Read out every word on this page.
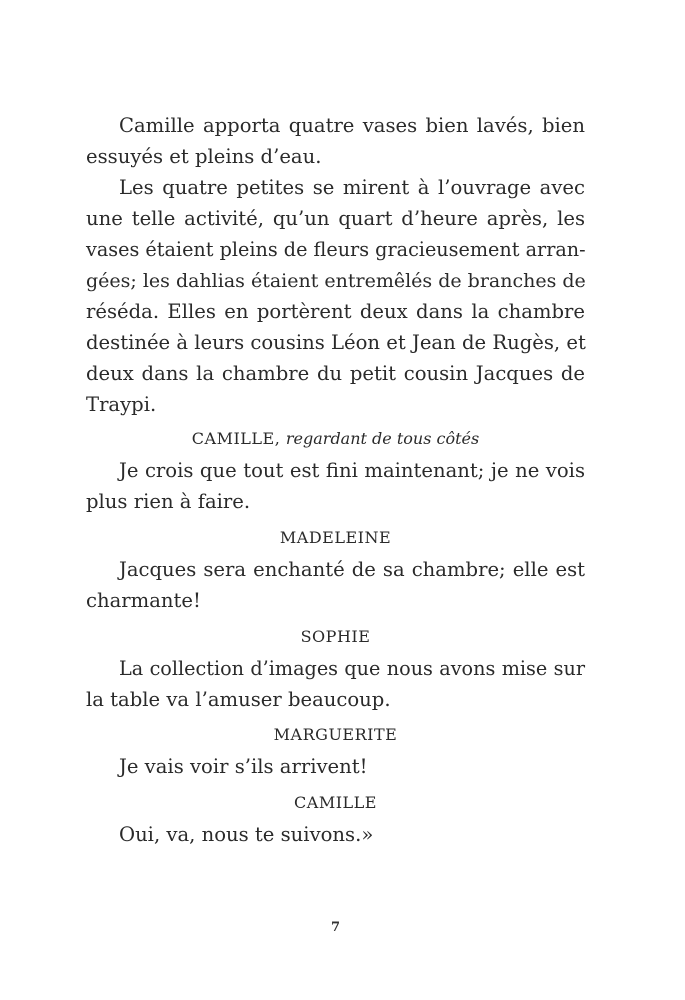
Camille apporta quatre vases bien lavés, bien
essuyés et pleins d’eau.
Les quatre petites se mirent à l’ouvrage avec
une telle activité, qu’un quart d’heure après, les
vases étaient pleins de fleurs gracieusement arran-
gées; les dahlias étaient entremêlés de branches de
réséda. Elles en portèrent deux dans la chambre
destinée à leurs cousins Léon et Jean de Rugès, et
deux dans la chambre du petit cousin Jacques de
Traypi.
CAMILLE, regardant de tous côtés
Je crois que tout est fini maintenant; je ne vois
plus rien à faire.
MADELEINE
Jacques sera enchanté de sa chambre; elle est
charmante!
SOPHIE
La collection d’images que nous avons mise sur
la table va l’amuser beaucoup.
MARGUERITE
Je vais voir s’ils arrivent!
CAMILLE
Oui, va, nous te suivons.»
7
